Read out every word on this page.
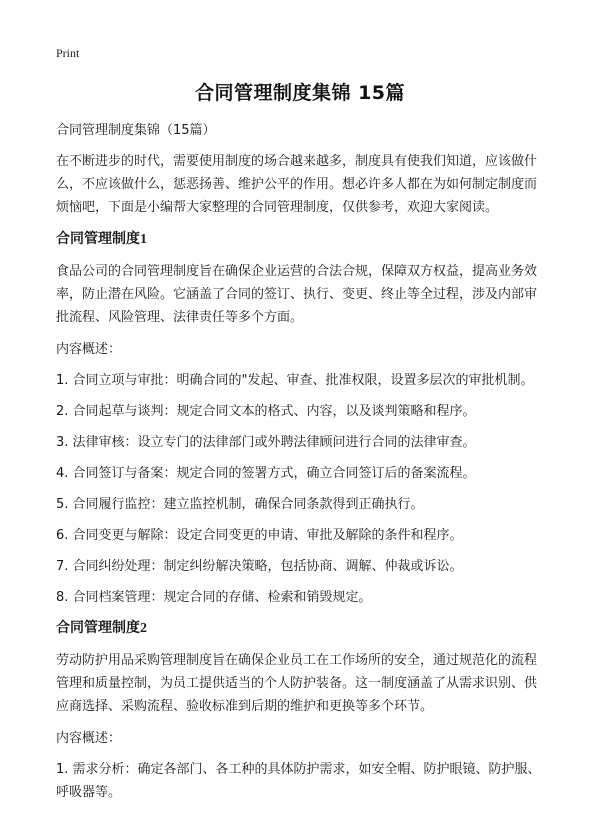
Print
合同管理制度集锦 15篇

合同管理制度集锦（15篇）

在不断进步的时代，需要使用制度的场合越来越多，制度具有使我们知道，应该做什么，不应该做什么，惩恶扬善、维护公平的作用。想必许多人都在为如何制定制度而烦恼吧，下面是小编帮大家整理的合同管理制度，仅供参考，欢迎大家阅读。

合同管理制度1

食品公司的合同管理制度旨在确保企业运营的合法合规，保障双方权益，提高业务效率，防止潜在风险。它涵盖了合同的签订、执行、变更、终止等全过程，涉及内部审批流程、风险管理、法律责任等多个方面。

内容概述：

1. 合同立项与审批：明确合同的"发起、审查、批准权限，设置多层次的审批机制。

2. 合同起草与谈判：规定合同文本的格式、内容，以及谈判策略和程序。

3. 法律审核：设立专门的法律部门或外聘法律顾问进行合同的法律审查。

4. 合同签订与备案：规定合同的签署方式，确立合同签订后的备案流程。

5. 合同履行监控：建立监控机制，确保合同条款得到正确执行。

6. 合同变更与解除：设定合同变更的申请、审批及解除的条件和程序。

7. 合同纠纷处理：制定纠纷解决策略，包括协商、调解、仲裁或诉讼。

8. 合同档案管理：规定合同的存储、检索和销毁规定。

合同管理制度2

劳动防护用品采购管理制度旨在确保企业员工在工作场所的安全，通过规范化的流程管理和质量控制，为员工提供适当的个人防护装备。这一制度涵盖了从需求识别、供应商选择、采购流程、验收标准到后期的维护和更换等多个环节。

内容概述：

1. 需求分析：确定各部门、各工种的具体防护需求，如安全帽、防护眼镜、防护服、呼吸器等。
